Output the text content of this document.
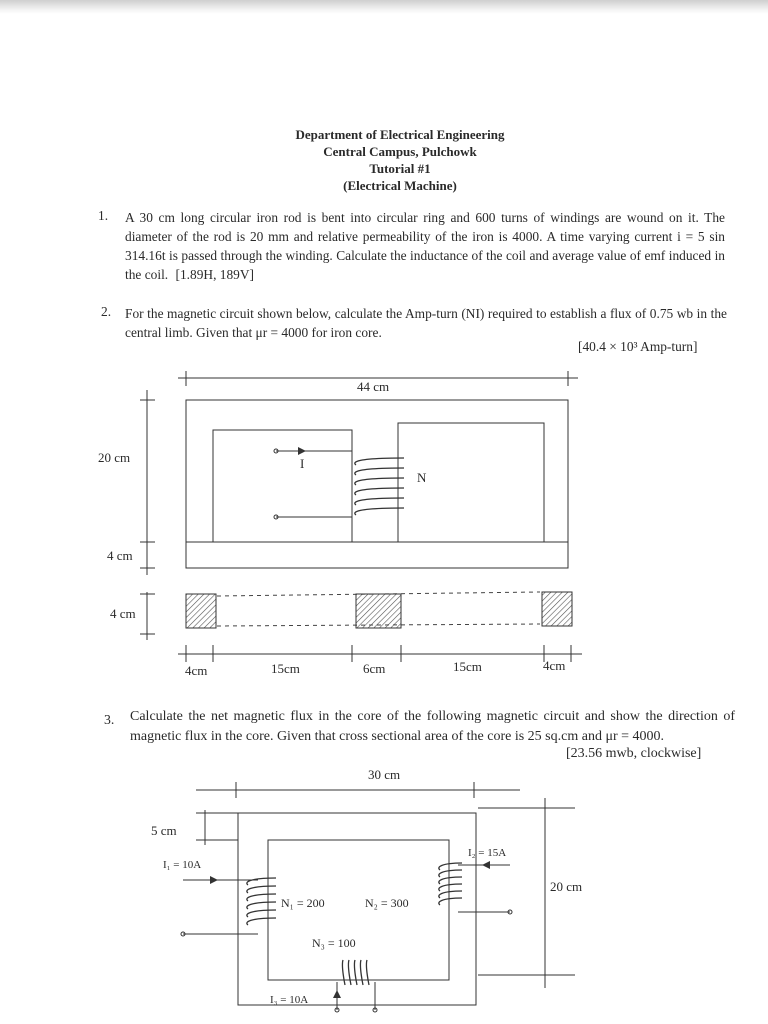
Department of Electrical Engineering
Central Campus, Pulchowk
Tutorial #1
(Electrical Machine)
1. A 30 cm long circular iron rod is bent into circular ring and 600 turns of windings are wound on it. The diameter of the rod is 20 mm and relative permeability of the iron is 4000. A time varying current i = 5 sin 314.16t is passed through the winding. Calculate the inductance of the coil and average value of emf induced in the coil. [1.89H, 189V]
2. For the magnetic circuit shown below, calculate the Amp-turn (NI) required to establish a flux of 0.75 wb in the central limb. Given that μr = 4000 for iron core.
[40.4 × 10³ Amp-turn]
44 cm
20 cm
4 cm
4 cm
I
N
4cm	15cm	6cm	15cm	4cm
3. Calculate the net magnetic flux in the core of the following magnetic circuit and show the direction of magnetic flux in the core. Given that cross sectional area of the core is 25 sq.cm and μr = 4000.
[23.56 mwb, clockwise]
30 cm
5 cm
I₁ = 10A
I₂ = 15A
20 cm
N₁ = 200	N₂ = 300
N₃ = 100
I₃ = 10A
